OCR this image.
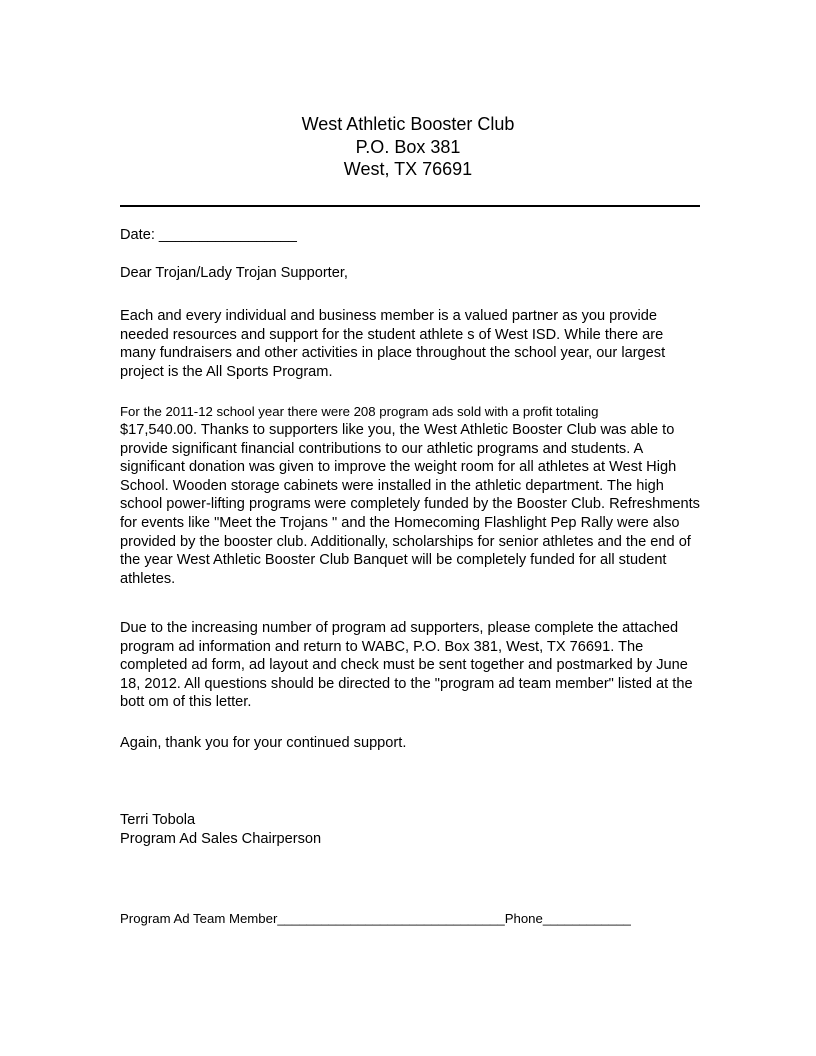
West Athletic Booster Club
P.O. Box 381
West, TX 76691
Date: _________________
Dear Trojan/Lady Trojan Supporter,

Each and every individual and business member is a valued partner as you provide needed resources and support for the student athlete s of West ISD. While there are many fundraisers and other activities in place throughout the school year, our largest project is the All Sports Program.

For the 2011-12 school year there were 208 program ads sold with a profit totaling

$17,540.00. Thanks to supporters like you, the West Athletic Booster Club was able to provide significant financial contributions to our athletic programs and students. A significant donation was given to improve the weight room for all athletes at West High School. Wooden storage cabinets were installed in the athletic department. The high school power-lifting programs were completely funded by the Booster Club. Refreshments for events like "Meet the Trojans " and the Homecoming Flashlight Pep Rally were also provided by the booster club. Additionally, scholarships for senior athletes and the end of the year West Athletic Booster Club Banquet will be completely funded for all student athletes.

Due to the increasing number of program ad supporters, please complete the attached program ad information and return to WABC, P.O. Box 381, West, TX 76691. The completed ad form, ad layout and check must be sent together and postmarked by June 18, 2012. All questions should be directed to the "program ad team member" listed at the bott om of this letter.

Again, thank you for your continued support.
Terri Tobola
Program Ad Sales Chairperson
Program Ad Team Member_______________________________Phone____________
